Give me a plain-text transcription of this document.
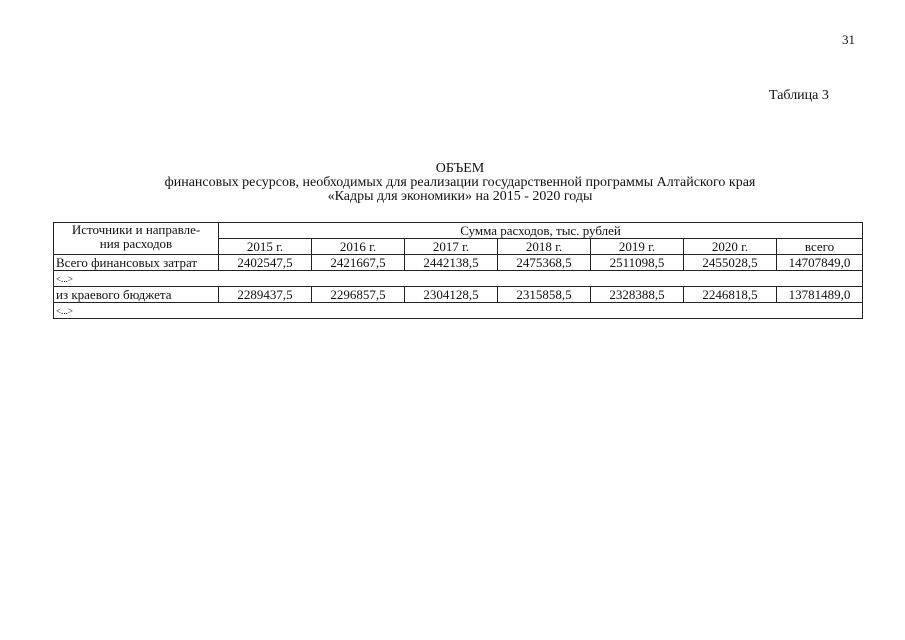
31
Таблица 3
ОБЪЕМ
финансовых ресурсов, необходимых для реализации государственной программы Алтайского края
«Кадры для экономики» на 2015 - 2020 годы
Источники и направле-
ния расходов	Сумма расходов, тыс. рублей						
	2015 г.	2016 г.	2017 г.	2018 г.	2019 г.	2020 г.	всего
Всего финансовых затрат	2402547,5	2421667,5	2442138,5	2475368,5	2511098,5	2455028,5	14707849,0
<...>							
из краевого бюджета	2289437,5	2296857,5	2304128,5	2315858,5	2328388,5	2246818,5	13781489,0
<...>							
